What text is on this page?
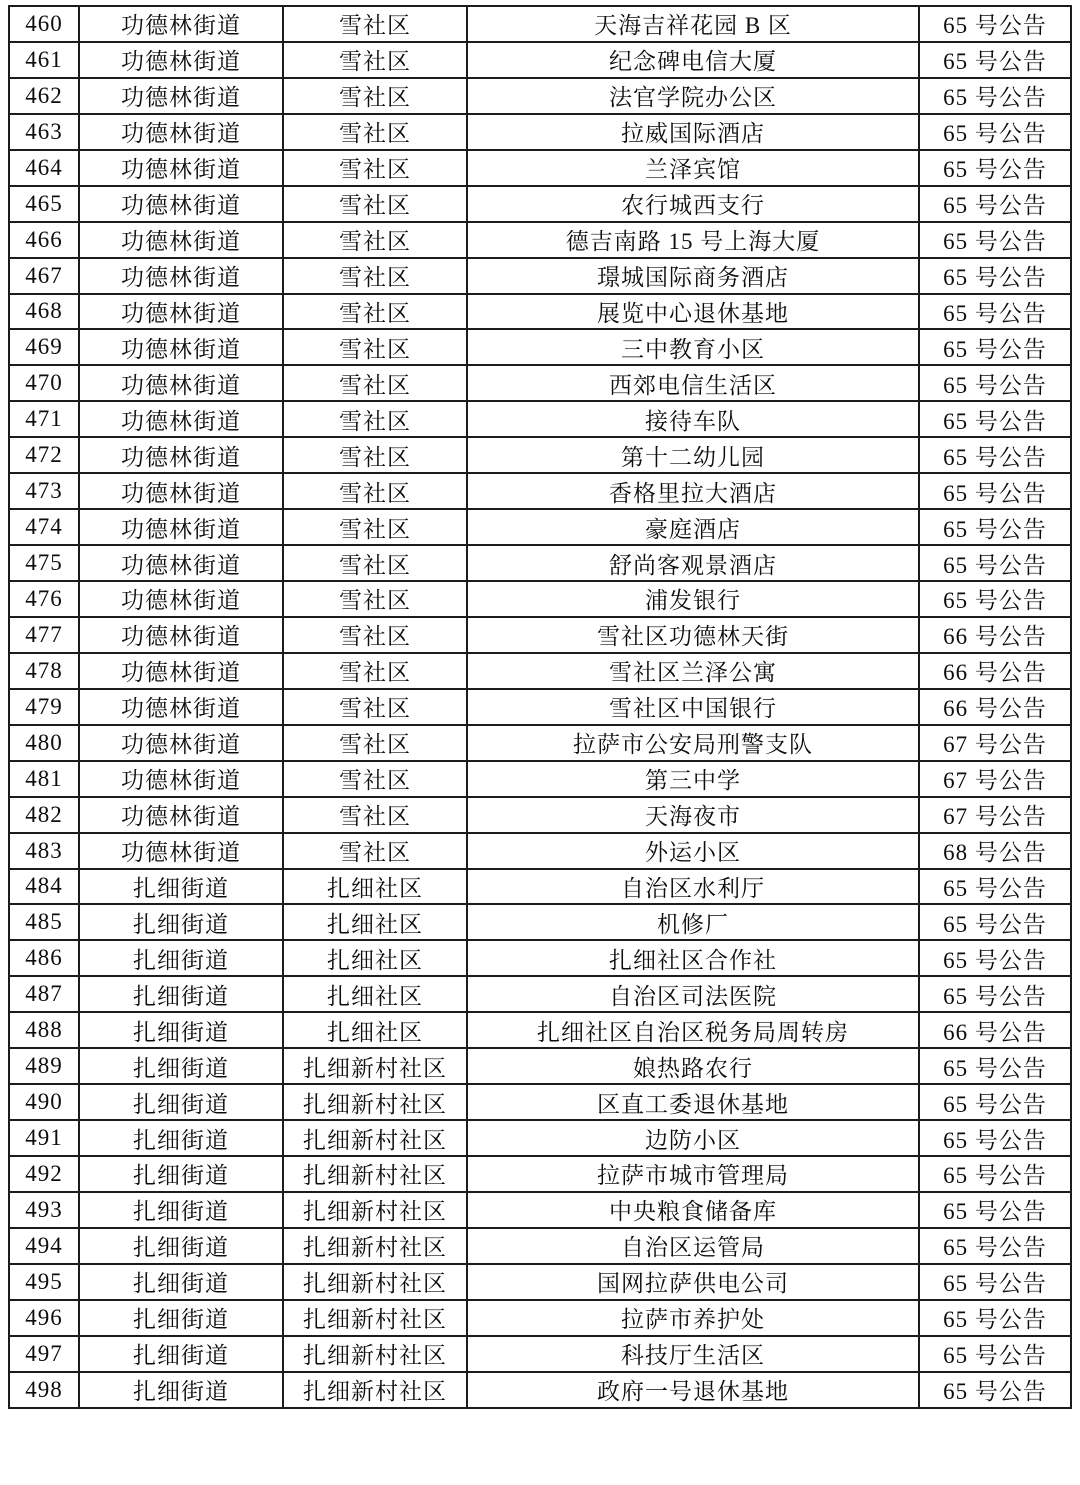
460	功德林街道	雪社区	天海吉祥花园 B 区	65 号公告
461	功德林街道	雪社区	纪念碑电信大厦	65 号公告
462	功德林街道	雪社区	法官学院办公区	65 号公告
463	功德林街道	雪社区	拉威国际酒店	65 号公告
464	功德林街道	雪社区	兰泽宾馆	65 号公告
465	功德林街道	雪社区	农行城西支行	65 号公告
466	功德林街道	雪社区	德吉南路 15 号上海大厦	65 号公告
467	功德林街道	雪社区	璟城国际商务酒店	65 号公告
468	功德林街道	雪社区	展览中心退休基地	65 号公告
469	功德林街道	雪社区	三中教育小区	65 号公告
470	功德林街道	雪社区	西郊电信生活区	65 号公告
471	功德林街道	雪社区	接待车队	65 号公告
472	功德林街道	雪社区	第十二幼儿园	65 号公告
473	功德林街道	雪社区	香格里拉大酒店	65 号公告
474	功德林街道	雪社区	豪庭酒店	65 号公告
475	功德林街道	雪社区	舒尚客观景酒店	65 号公告
476	功德林街道	雪社区	浦发银行	65 号公告
477	功德林街道	雪社区	雪社区功德林天街	66 号公告
478	功德林街道	雪社区	雪社区兰泽公寓	66 号公告
479	功德林街道	雪社区	雪社区中国银行	66 号公告
480	功德林街道	雪社区	拉萨市公安局刑警支队	67 号公告
481	功德林街道	雪社区	第三中学	67 号公告
482	功德林街道	雪社区	天海夜市	67 号公告
483	功德林街道	雪社区	外运小区	68 号公告
484	扎细街道	扎细社区	自治区水利厅	65 号公告
485	扎细街道	扎细社区	机修厂	65 号公告
486	扎细街道	扎细社区	扎细社区合作社	65 号公告
487	扎细街道	扎细社区	自治区司法医院	65 号公告
488	扎细街道	扎细社区	扎细社区自治区税务局周转房	66 号公告
489	扎细街道	扎细新村社区	娘热路农行	65 号公告
490	扎细街道	扎细新村社区	区直工委退休基地	65 号公告
491	扎细街道	扎细新村社区	边防小区	65 号公告
492	扎细街道	扎细新村社区	拉萨市城市管理局	65 号公告
493	扎细街道	扎细新村社区	中央粮食储备库	65 号公告
494	扎细街道	扎细新村社区	自治区运管局	65 号公告
495	扎细街道	扎细新村社区	国网拉萨供电公司	65 号公告
496	扎细街道	扎细新村社区	拉萨市养护处	65 号公告
497	扎细街道	扎细新村社区	科技厅生活区	65 号公告
498	扎细街道	扎细新村社区	政府一号退休基地	65 号公告
